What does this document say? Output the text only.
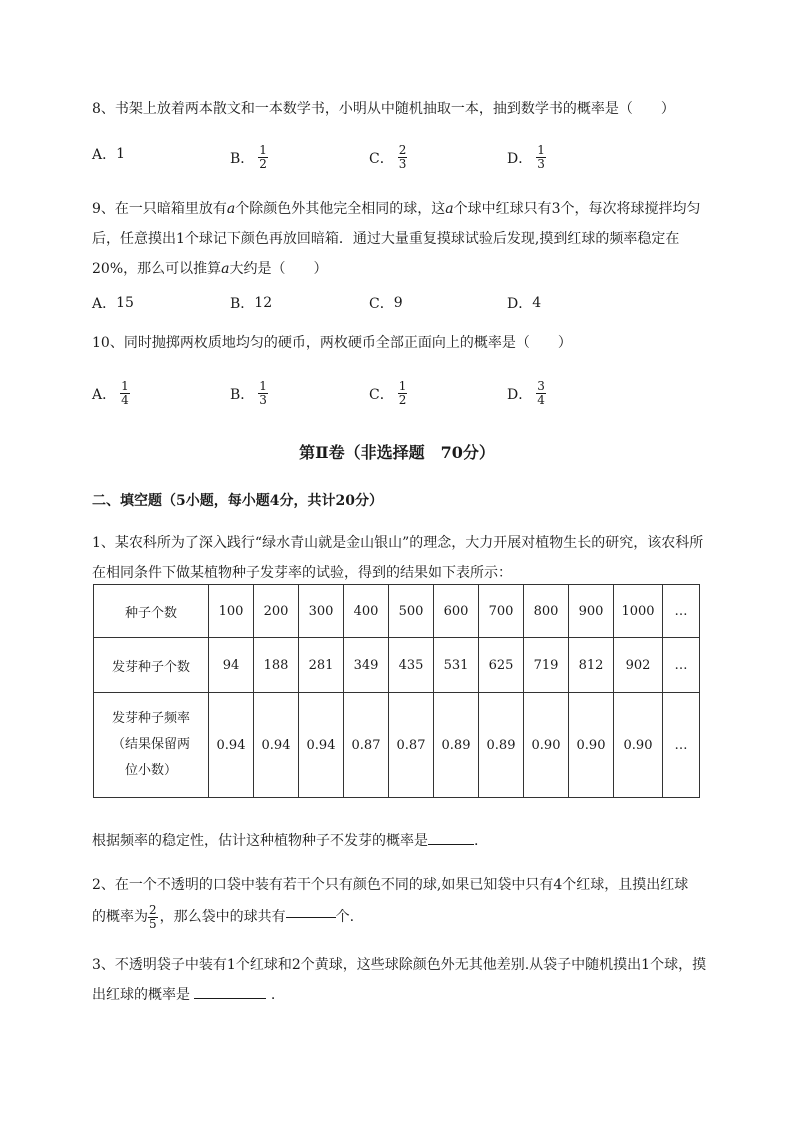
8、书架上放着两本散文和一本数学书，小明从中随机抽取一本，抽到数学书的概率是（　　）
A． 1	B． $\frac{1}{2}$	C． $\frac{2}{3}$	D． $\frac{1}{3}$
9、在一只暗箱里放有a个除颜色外其他完全相同的球，这a个球中红球只有3个，每次将球搅拌均匀后，任意摸出1个球记下颜色再放回暗箱．通过大量重复摸球试验后发现,摸到红球的频率稳定在20%，那么可以推算a大约是（　　）
A． 15	B． 12	C． 9	D． 4
10、同时抛掷两枚质地均匀的硬币，两枚硬币全部正面向上的概率是（　　）
A． $\frac{1}{4}$	B． $\frac{1}{3}$	C． $\frac{1}{2}$	D． $\frac{3}{4}$
第Ⅱ卷（非选择题　70分）
二、填空题（5小题，每小题4分，共计20分）
1、某农科所为了深入践行“绿水青山就是金山银山”的理念，大力开展对植物生长的研究，该农科所在相同条件下做某植物种子发芽率的试验，得到的结果如下表所示：
种子个数	100	200	300	400	500	600	700	800	900	1000	…
发芽种子个数	94	188	281	349	435	531	625	719	812	902	…

发芽种子频率
（结果保留两
位小数）	0.94	0.94	0.94	0.87	0.87	0.89	0.89	0.90	0.90	0.90	…
根据频率的稳定性，估计这种植物种子不发芽的概率是	.
2、在一个不透明的口袋中装有若干个只有颜色不同的球,如果已知袋中只有4个红球，且摸出红球
的概率为 $\frac{2}{5}$ ，那么袋中的球共有	个.
3、不透明袋子中装有1个红球和2个黄球，这些球除颜色外无其他差别.从袋子中随机摸出1个球，摸出红球的概率是	.
